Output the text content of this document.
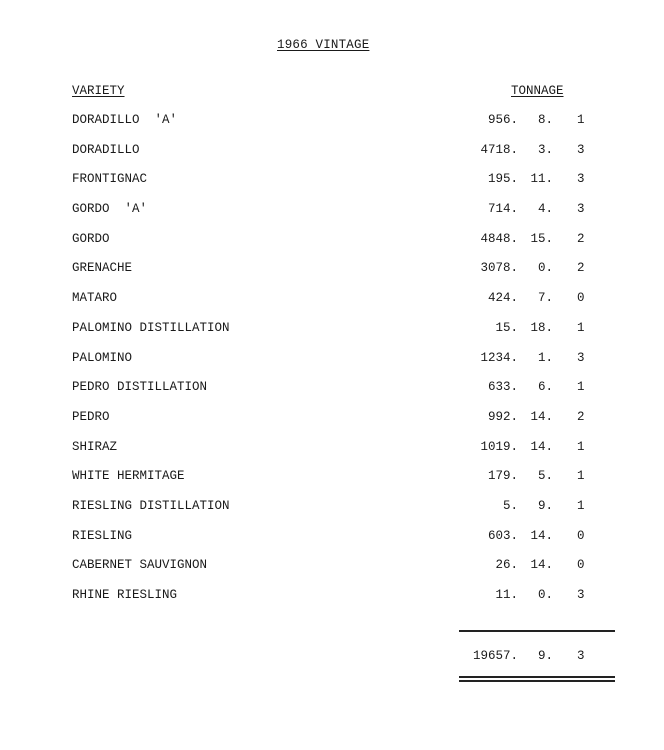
1966 VINTAGE
VARIETY	TONNAGE
DORADILLO  'A'	956. 8. 1
DORADILLO	4718. 3. 3
FRONTIGNAC	195. 11. 3
GORDO  'A'	714. 4. 3
GORDO	4848. 15. 2
GRENACHE	3078. 0. 2
MATARO	424. 7. 0
PALOMINO DISTILLATION	15. 18. 1
PALOMINO	1234. 1. 3
PEDRO DISTILLATION	633. 6. 1
PEDRO	992. 14. 2
SHIRAZ	1019. 14. 1
WHITE HERMITAGE	179. 5. 1
RIESLING DISTILLATION	5. 9. 1
RIESLING	603. 14. 0
CABERNET SAUVIGNON	26. 14. 0
RHINE RIESLING	11. 0. 3
19657. 9. 3
